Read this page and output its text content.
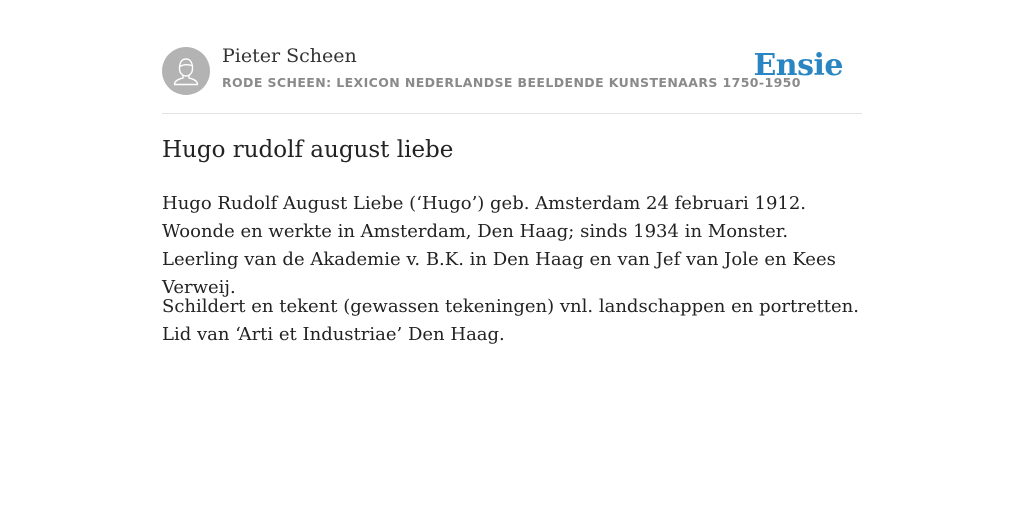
Pieter Scheen
RODE SCHEEN: LEXICON NEDERLANDSE BEELDENDE KUNSTENAARS 1750-1950
Ensie
Hugo rudolf august liebe

Hugo Rudolf August Liebe (‘Hugo’) geb. Amsterdam 24 februari 1912. Woonde en werkte in Amsterdam, Den Haag; sinds 1934 in Monster. Leerling van de Akademie v. B.K. in Den Haag en van Jef van Jole en Kees Verweij.

Schildert en tekent (gewassen tekeningen) vnl. landschappen en portretten. Lid van ‘Arti et Industriae’ Den Haag.
